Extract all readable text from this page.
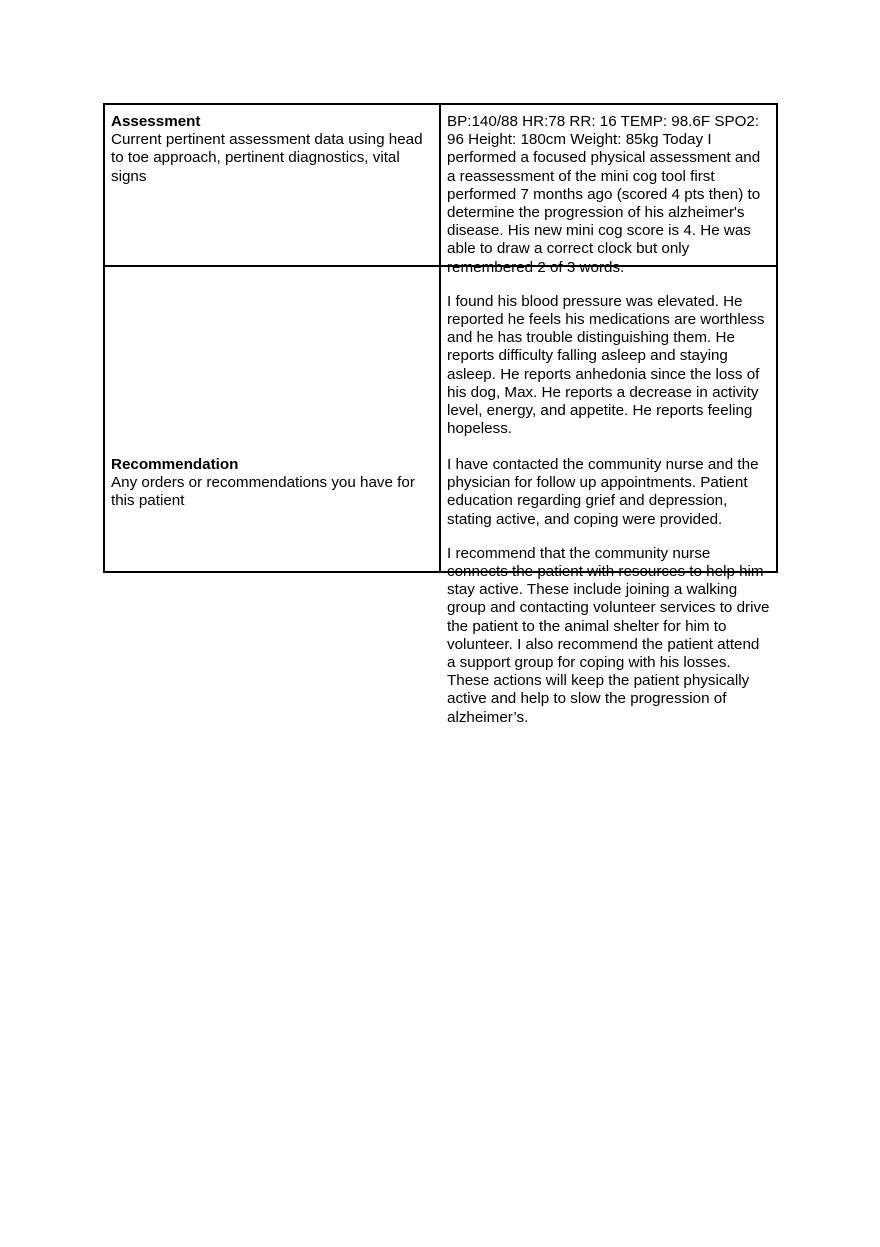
Assessment
Current pertinent assessment data using head to toe approach, pertinent diagnostics, vital signs
BP:140/88 HR:78 RR: 16 TEMP: 98.6F SPO2: 96 Height: 180cm Weight: 85kg Today I performed a focused physical assessment and a reassessment of the mini cog tool first performed 7 months ago (scored 4 pts then) to determine the progression of his alzheimer's disease. His new mini cog score is 4. He was able to draw a correct clock but only remembered 2 of 3 words.
I found his blood pressure was elevated. He reported he feels his medications are worthless and he has trouble distinguishing them. He reports difficulty falling asleep and staying asleep. He reports anhedonia since the loss of his dog, Max. He reports a decrease in activity level, energy, and appetite. He reports feeling hopeless.
Recommendation
Any orders or recommendations you have for this patient
I have contacted the community nurse and the physician for follow up appointments. Patient education regarding grief and depression, stating active, and coping were provided.
I recommend that the community nurse connects the patient with resources to help him stay active. These include joining a walking group and contacting volunteer services to drive the patient to the animal shelter for him to volunteer. I also recommend the patient attend a support group for coping with his losses. These actions will keep the patient physically active and help to slow the progression of alzheimer’s.
